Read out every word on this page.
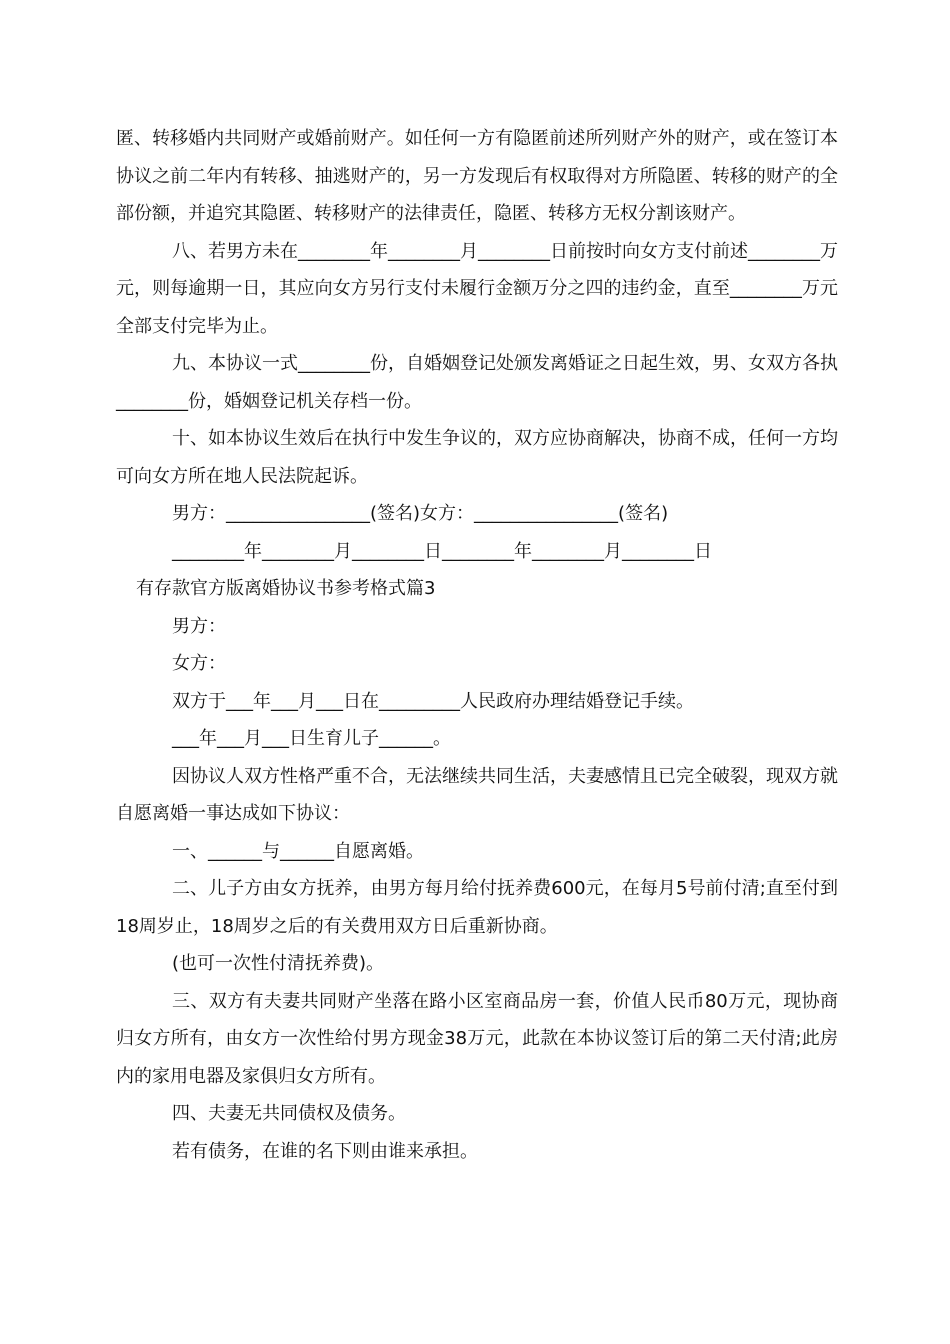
匿、转移婚内共同财产或婚前财产。如任何一方有隐匿前述所列财产外的财产，或在签订本协议之前二年内有转移、抽逃财产的，另一方发现后有权取得对方所隐匿、转移的财产的全部份额，并追究其隐匿、转移财产的法律责任，隐匿、转移方无权分割该财产。

八、若男方未在________年________月________日前按时向女方支付前述________万元，则每逾期一日，其应向女方另行支付未履行金额万分之四的违约金，直至________万元全部支付完毕为止。

九、本协议一式________份，自婚姻登记处颁发离婚证之日起生效，男、女双方各执________份，婚姻登记机关存档一份。

十、如本协议生效后在执行中发生争议的，双方应协商解决，协商不成，任何一方均可向女方所在地人民法院起诉。

男方：________________(签名)女方：________________(签名)

________年________月________日________年________月________日

有存款官方版离婚协议书参考格式篇3

男方：

女方：

双方于___年___月___日在_________人民政府办理结婚登记手续。

___年___月___日生育儿子______。

因协议人双方性格严重不合，无法继续共同生活，夫妻感情且已完全破裂，现双方就自愿离婚一事达成如下协议：

一、______与______自愿离婚。

二、儿子方由女方抚养，由男方每月给付抚养费600元，在每月5号前付清;直至付到18周岁止，18周岁之后的有关费用双方日后重新协商。

(也可一次性付清抚养费)。

三、双方有夫妻共同财产坐落在路小区室商品房一套，价值人民币80万元，现协商归女方所有，由女方一次性给付男方现金38万元，此款在本协议签订后的第二天付清;此房内的家用电器及家俱归女方所有。

四、夫妻无共同债权及债务。

若有债务，在谁的名下则由谁来承担。
